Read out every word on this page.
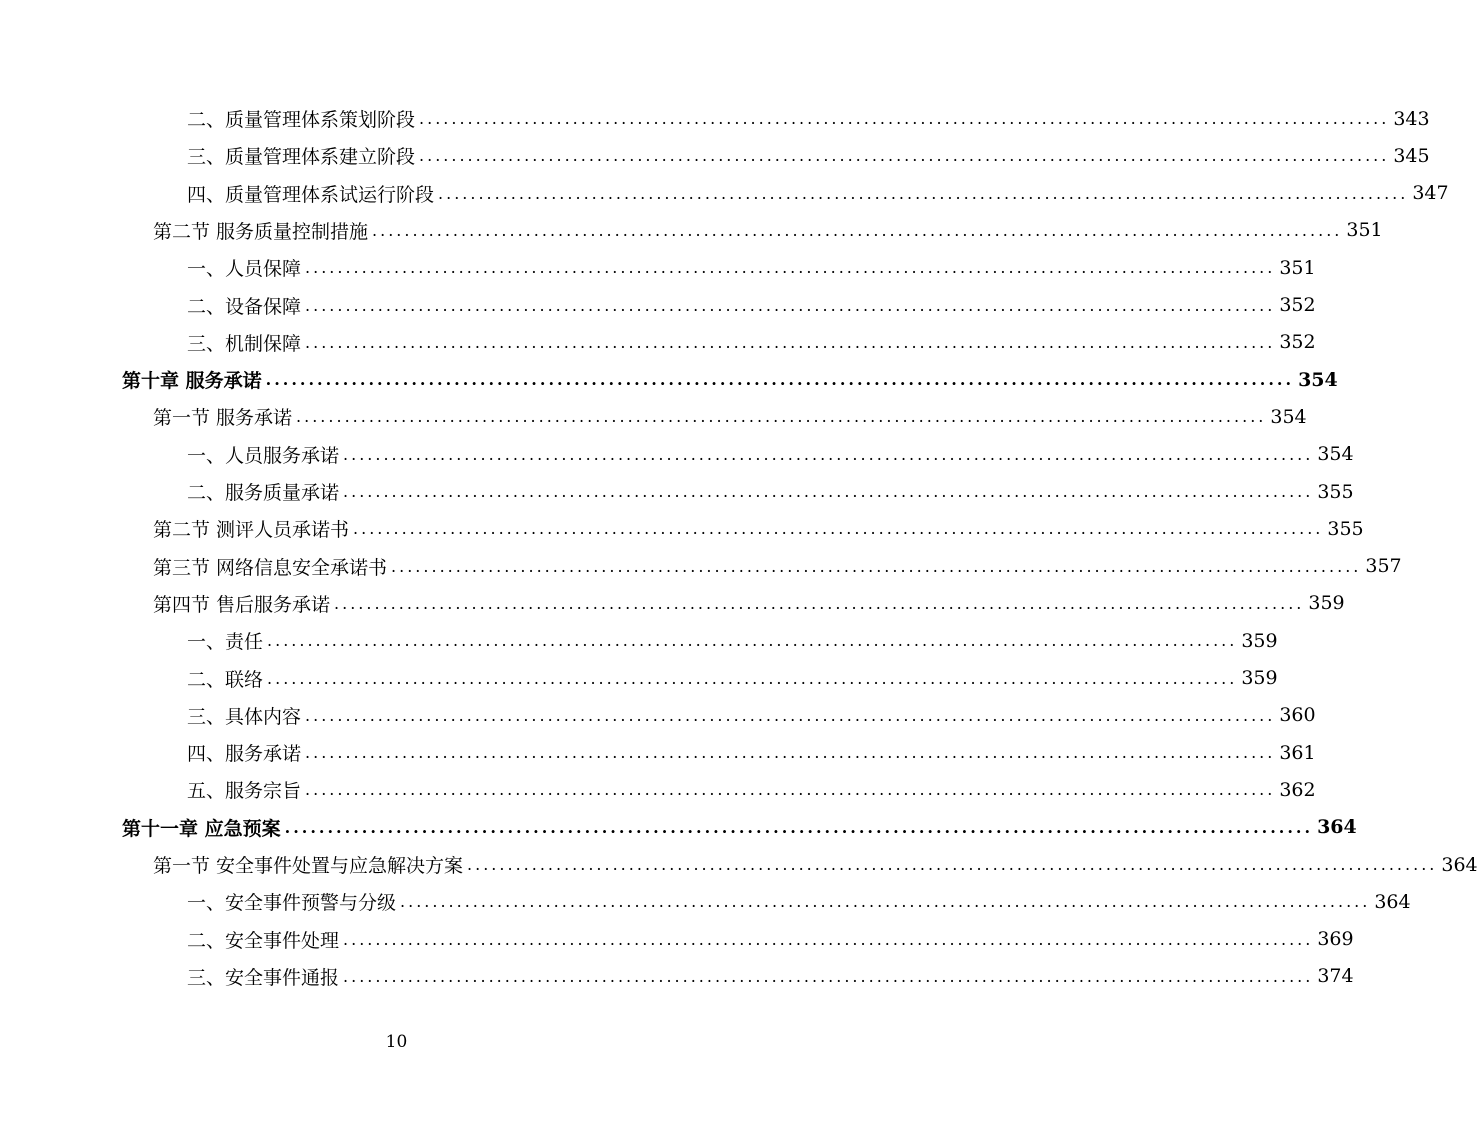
二、质量管理体系策划阶段 ........................................................................................................................ 343
三、质量管理体系建立阶段 ........................................................................................................................ 345
四、质量管理体系试运行阶段 ........................................................................................................................ 347
第二节 服务质量控制措施 ........................................................................................................................ 351
一、人员保障 ........................................................................................................................ 351
二、设备保障 ........................................................................................................................ 352
三、机制保障 ........................................................................................................................ 352
第十章 服务承诺 ........................................................................................................................ 354
第一节 服务承诺 ........................................................................................................................ 354
一、人员服务承诺 ........................................................................................................................ 354
二、服务质量承诺 ........................................................................................................................ 355
第二节 测评人员承诺书 ........................................................................................................................ 355
第三节 网络信息安全承诺书 ........................................................................................................................ 357
第四节 售后服务承诺 ........................................................................................................................ 359
一、责任 ........................................................................................................................ 359
二、联络 ........................................................................................................................ 359
三、具体内容 ........................................................................................................................ 360
四、服务承诺 ........................................................................................................................ 361
五、服务宗旨 ........................................................................................................................ 362
第十一章 应急预案 ........................................................................................................................ 364
第一节 安全事件处置与应急解决方案 ........................................................................................................................ 364
一、安全事件预警与分级 ........................................................................................................................ 364
二、安全事件处理 ........................................................................................................................ 369
三、安全事件通报 ........................................................................................................................ 374
10
